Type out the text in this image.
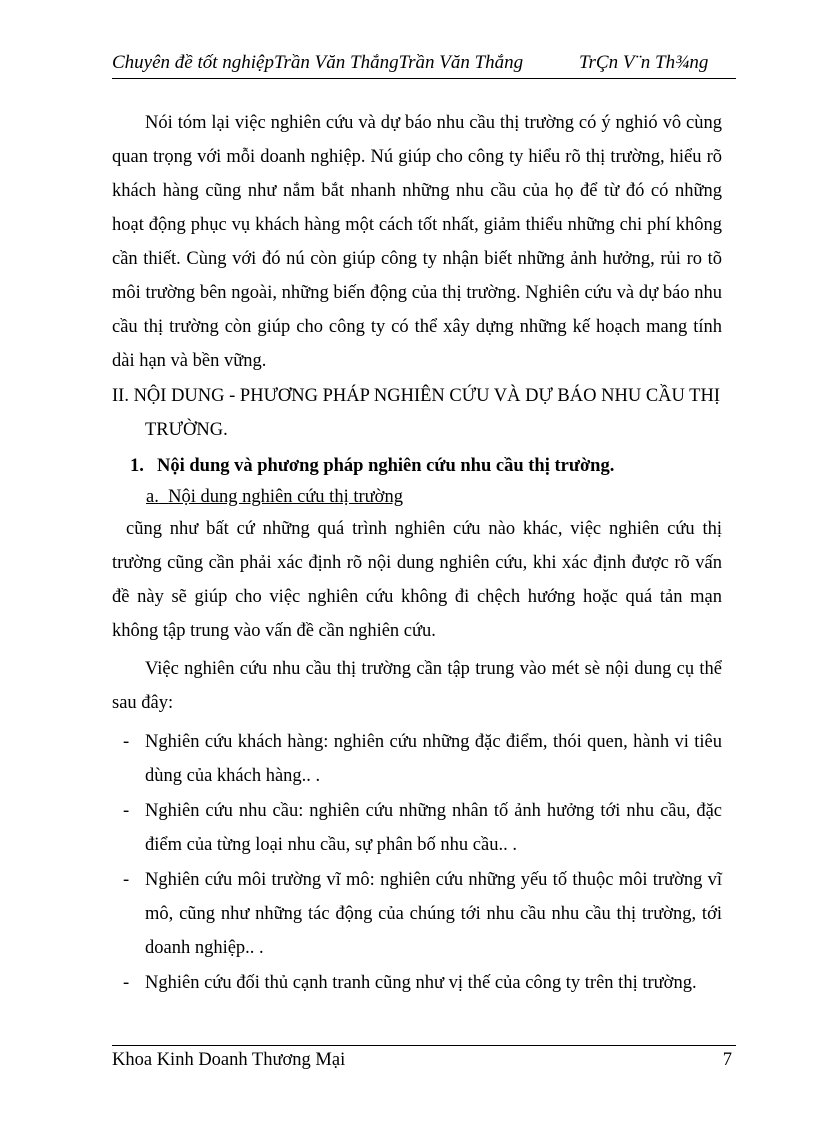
Chuyên đề tốt nghiệpTrần Văn ThắngTrần Văn Thắng	TrÇn V¨n Th¾ng

Nói tóm lại việc nghiên cứu và dự báo nhu cầu thị trường có ý nghió vô cùng quan trọng với mỗi doanh nghiệp. Nú giúp cho công ty hiểu rõ thị trường, hiểu rõ khách hàng cũng như nắm bắt nhanh những nhu cầu của họ để từ đó có những hoạt động phục vụ khách hàng một cách tốt nhất, giảm thiểu những chi phí không cần thiết. Cùng với đó nú còn giúp công ty nhận biết những ảnh hưởng, rủi ro tõ môi trường bên ngoài, những biến động của thị trường. Nghiên cứu và dự báo nhu cầu thị trường còn giúp cho công ty có thể xây dựng những kế hoạch mang tính dài hạn và bền vững.

II. NỘI DUNG - PHƯƠNG PHÁP NGHIÊN CỨU VÀ DỰ BÁO NHU CẦU THỊ TRƯỜNG.

1. Nội dung và phương pháp nghiên cứu nhu cầu thị trường.

a. Nội dung nghiên cứu thị trường

cũng như bất cứ những quá trình nghiên cứu nào khác, việc nghiên cứu thị trường cũng cần phải xác định rõ nội dung nghiên cứu, khi xác định được rõ vấn đề này sẽ giúp cho việc nghiên cứu không đi chệch hướng hoặc quá tản mạn không tập trung vào vấn đề cần nghiên cứu.

Việc nghiên cứu nhu cầu thị trường cần tập trung vào mét sè nội dung cụ thể sau đây:

- Nghiên cứu khách hàng: nghiên cứu những đặc điểm, thói quen, hành vi tiêu dùng của khách hàng.. .
- Nghiên cứu nhu cầu: nghiên cứu những nhân tố ảnh hưởng tới nhu cầu, đặc điểm của từng loại nhu cầu, sự phân bố nhu cầu.. .
- Nghiên cứu môi trường vĩ mô: nghiên cứu những yếu tố thuộc môi trường vĩ mô, cũng như những tác động của chúng tới nhu cầu nhu cầu thị trường, tới doanh nghiệp.. .
- Nghiên cứu đối thủ cạnh tranh cũng như vị thế của công ty trên thị trường.
Khoa Kinh Doanh Thương Mại	7
